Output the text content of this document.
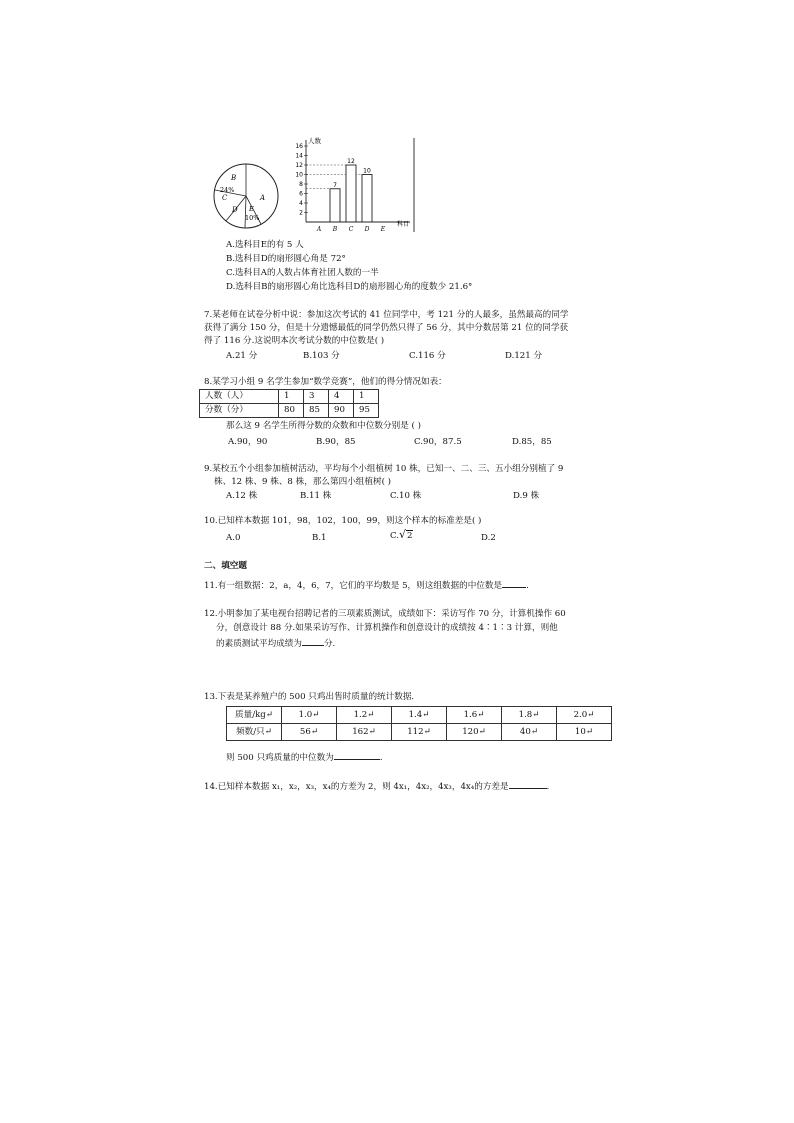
B
A
24%
C
D E
10%
7
12
10
2
4
6
8
10
12
14
16
A B C D E
人数
科目
A.选科目E的有 5 人
B.选科目D的扇形圆心角是 72°
C.选科目A的人数占体育社团人数的一半
D.选科目B的扇形圆心角比选科目D的扇形圆心角的度数少 21.6°
7.某老师在试卷分析中说：参加这次考试的 41 位同学中，考 121 分的人最多，虽然最高的同学
获得了满分 150 分，但是十分遗憾最低的同学仍然只得了 56 分，其中分数居第 21 位的同学获
得了 116 分.这说明本次考试分数的中位数是( )
A.21 分	B.103 分	C.116 分	D.121 分
8.某学习小组 9 名学生参加“数学竞赛”，他们的得分情况如表：
人数（人）	1	3	4	1
分数（分）	80	85	90	95
那么这 9 名学生所得分数的众数和中位数分别是 ( )
A.90，90	B.90，85	C.90，87.5	D.85，85
9.某校五个小组参加植树活动，平均每个小组植树 10 株，已知一、二、三、五小组分别植了 9
株、12 株、9 株、8 株，那么第四小组植树( )
A.12 株	B.11 株	C.10 株	D.9 株
10.已知样本数据 101，98，102，100，99，则这个样本的标准差是( )
A.0	B.1	C. √ 2	D.2
二、填空题
11.有一组数据：2，a，4，6，7，它们的平均数是 5，则这组数据的中位数是	.
12.小明参加了某电视台招聘记者的三项素质测试，成绩如下：采访写作 70 分，计算机操作 60
分，创意设计 88 分.如果采访写作、计算机操作和创意设计的成绩按 4∶1∶3 计算，则他
的素质测试平均成绩为	分.
13.下表是某养殖户的 500 只鸡出售时质量的统计数据．
质量/kg↵	1.0↵	1.2↵	1.4↵	1.6↵	1.8↵	2.0↵
频数/只↵	56↵	162↵	112↵	120↵	40↵	10↵
则 500 只鸡质量的中位数为	.
14.已知样本数据 x₁，x₂，x₃，x₄的方差为 2，则 4x₁，4x₂，4x₃，4x₄的方差是	.
